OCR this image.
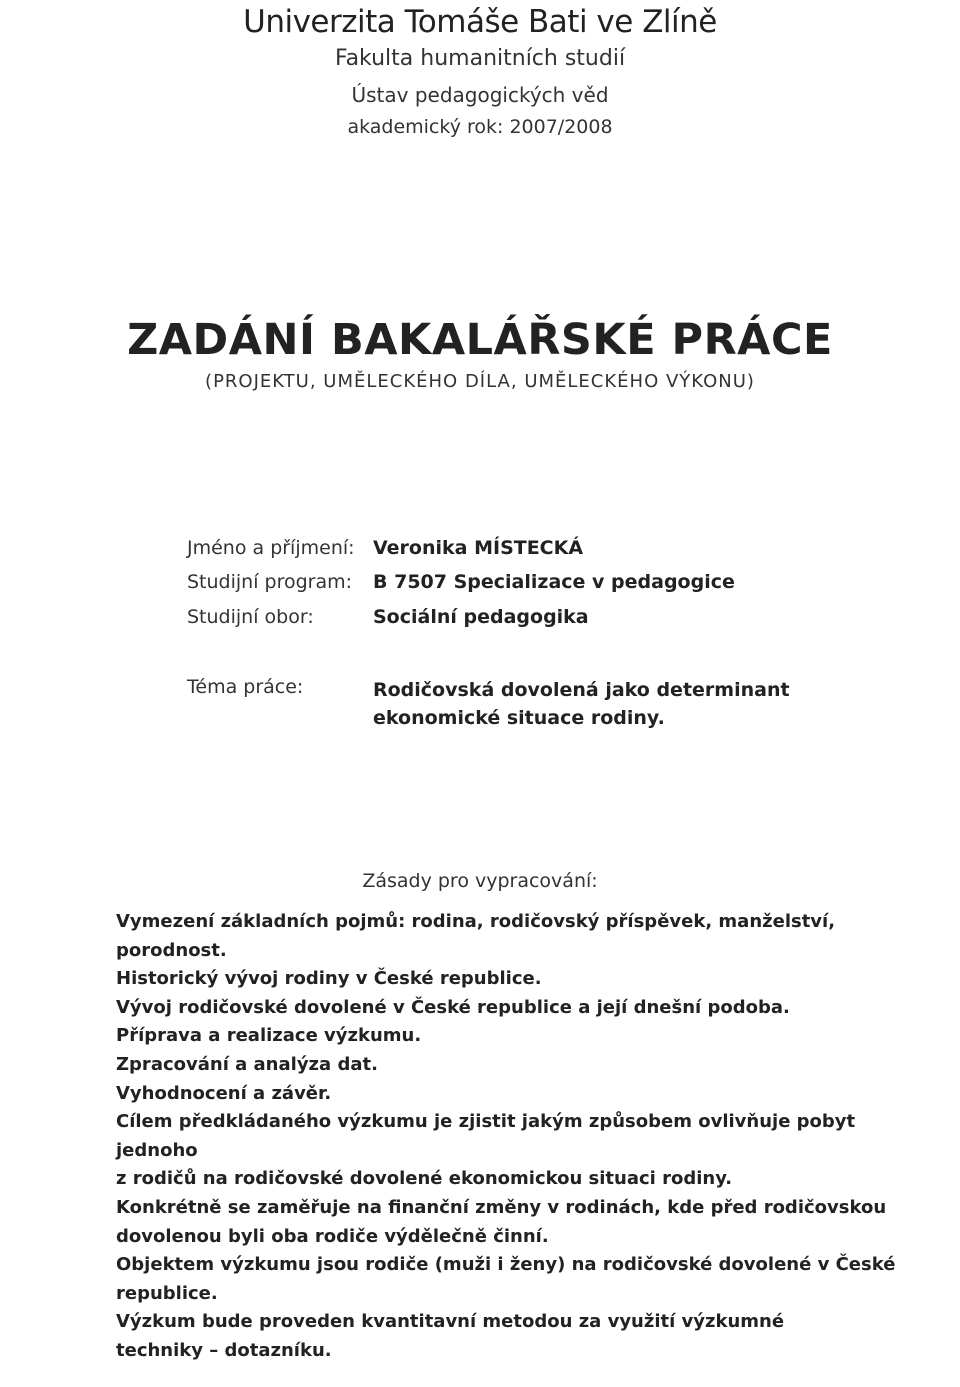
Univerzita Tomáše Bati ve Zlíně
Fakulta humanitních studií
Ústav pedagogických věd
akademický rok: 2007/2008
ZADÁNÍ BAKALÁŘSKÉ PRÁCE
(PROJEKTU, UMĚLECKÉHO DÍLA, UMĚLECKÉHO VÝKONU)
Jméno a příjmení: Veronika MÍSTECKÁ
Studijní program: B 7507 Specializace v pedagogice
Studijní obor:	Sociální pedagogika
Téma práce:	Rodičovská dovolená jako determinant ekonomické situace rodiny.
Zásady pro vypracování:
Vymezení základních pojmů: rodina, rodičovský příspěvek, manželství, porodnost.
Historický vývoj rodiny v České republice.
Vývoj rodičovské dovolené v České republice a její dnešní podoba.
Příprava a realizace výzkumu.
Zpracování a analýza dat.
Vyhodnocení a závěr.
Cílem předkládaného výzkumu je zjistit jakým způsobem ovlivňuje pobyt jednoho
z rodičů na rodičovské dovolené ekonomickou situaci rodiny.
Konkrétně se zaměřuje na finanční změny v rodinách, kde před rodičovskou
dovolenou byli oba rodiče výdělečně činní.
Objektem výzkumu jsou rodiče (muži i ženy) na rodičovské dovolené v České
republice.
Výzkum bude proveden kvantitavní metodou za využití výzkumné
techniky – dotazníku.
